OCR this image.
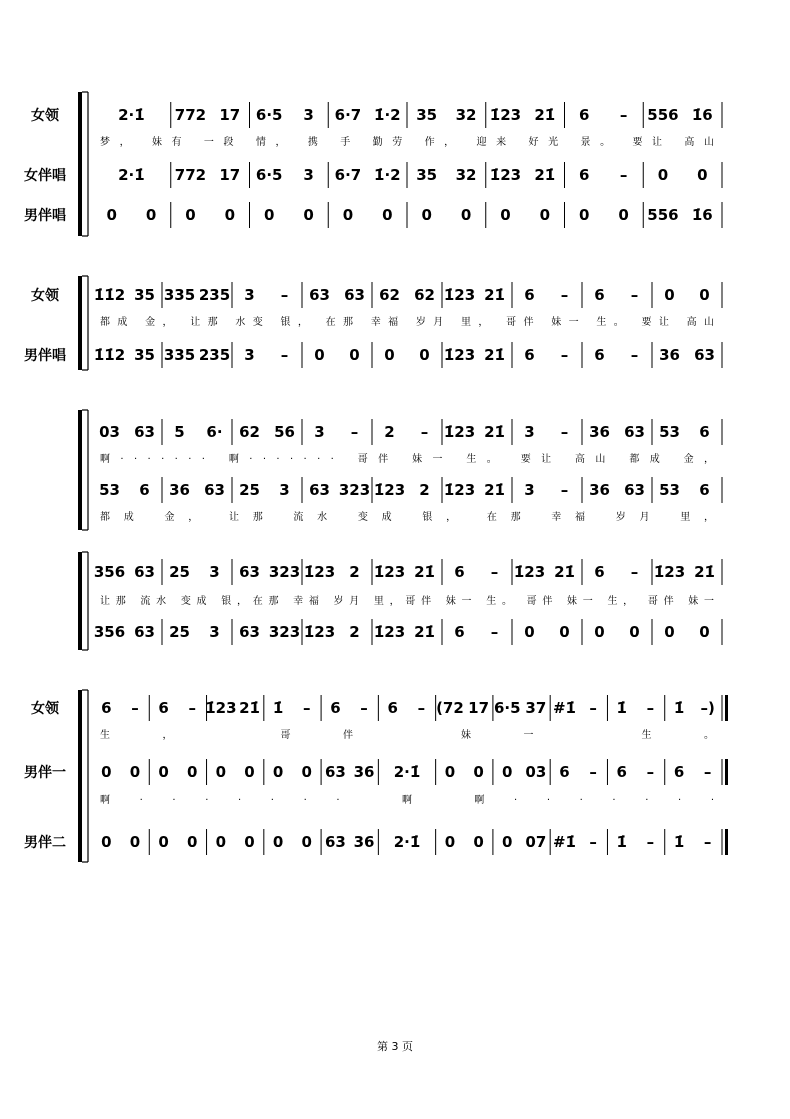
女领	2·1̇ 772 17 6·5 3 6·7 1̇·2 35 32 1̇23 21̇ 6 – 556 1̇6
梦， 妹有 一段 情， 携 手 勤劳 作， 迎来 好光 景。 要让 高山
女伴唱	2·1̇ 772 17 6·5 3 6·7 1̇·2 35 32 1̇23 21̇ 6 – 0 0
男伴唱	0 0 0 0 0 0 0 0 0 0 0 0 0 0 556 1̇6
女领 1̇1̇2 35 335 235 3 – 63 63 62 62 1̇23 21̇ 6 – 6 – 0 0
都成 金， 让那 水变 银， 在那 幸福 岁月 里， 哥伴 妹一 生。 要让 高山
男伴唱 1̇1̇2 35 335 235 3 – 0 0 0 0 1̇23 21̇ 6 – 6 – 36 63
03 63 5 6· 62 56 3 – 2 – 1̇23 21̇ 3 – 36 63 53 6
啊······· 啊······· 哥伴 妹一 生。 要让 高山 都成 金，
53 6 36 63 25 3 63 323 1̇23 2 1̇23 21̇ 3 – 36 63 53 6
都成 金， 让那 流水 变成 银， 在那 幸福 岁月 里，
356 63 25 3 63 323 1̇23 2 1̇23 21̇ 6 – 1̇23 21̇ 6 – 1̇23 21̇
让那 流水 变成 银，在那 幸福 岁月 里，哥伴 妹一 生。 哥伴 妹一 生， 哥伴 妹一
356 63 25 3 63 323 1̇23 2 1̇23 21̇ 6 – 0 0 0 0 0 0
女领	6 – 6 – 1̇23 21̇ 1̇ – 6 – 6 – (72 17 6·5 37 #1̇ – 1̇ – 1̇ –)
生， 哥伴 妹一 生。
男伴一 0 0 0 0 0 0 0 0 63 36 2·1̇ 0 0 0 03 6 – 6 – 6 –
啊······· 啊 啊·······
男伴二 0 0 0 0 0 0 0 0 63 36 2·1̇ 0 0 0 07 #1̇ – 1̇ – 1̇ –
第 3 页
